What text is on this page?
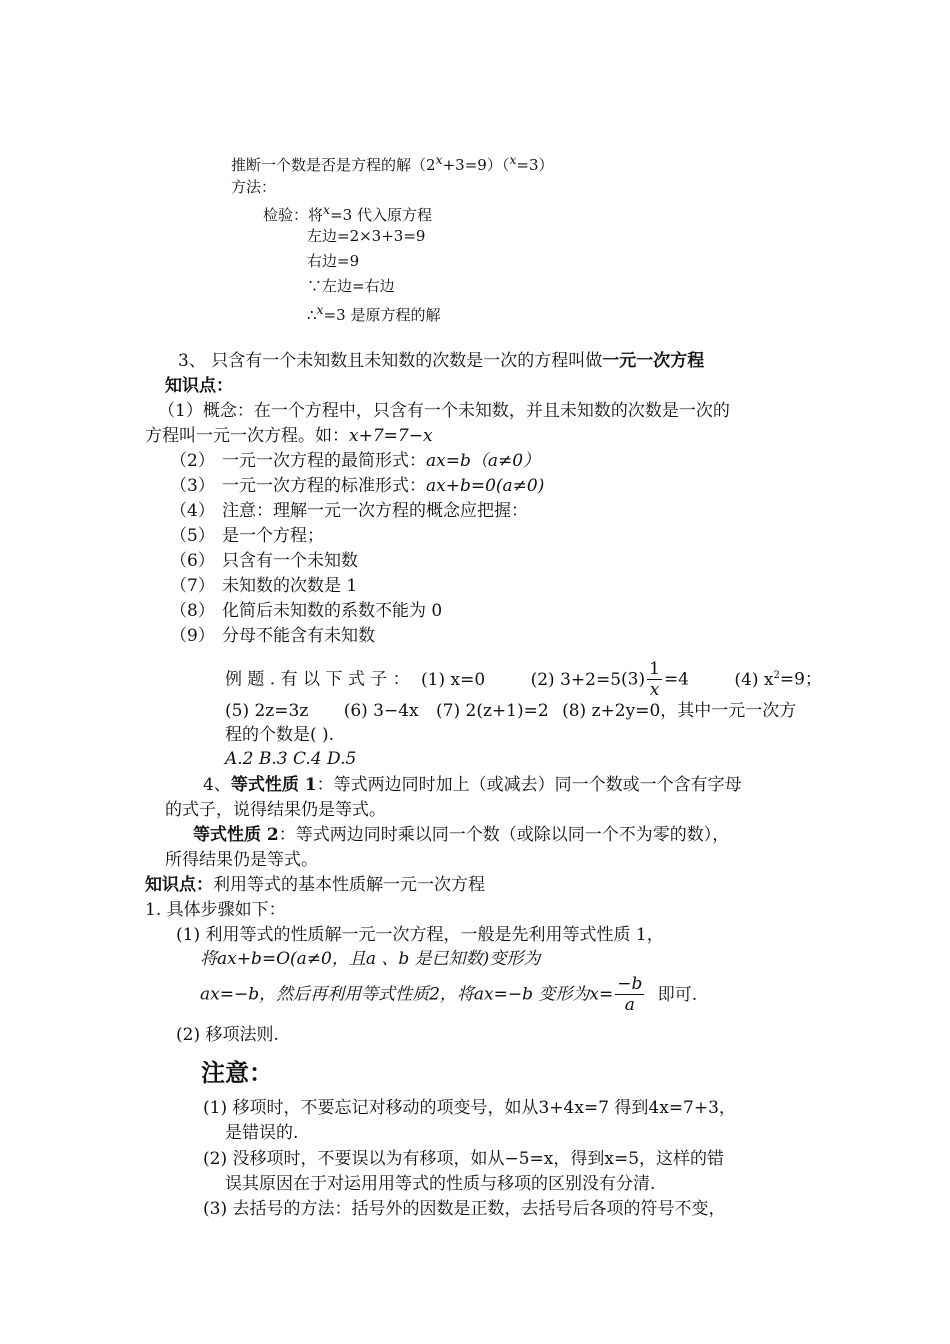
推断一个数是否是方程的解$(2^x+3=9)(^x=3)$
方法：
检验：将$^x$=3 代入原方程
左边=2×3+3=9
右边=9
∵左边=右边
∴$^x$=3 是原方程的解
3、 只含有一个未知数且未知数的次数是一次的方程叫做一元一次方程
知识点：
（1）概念：在一个方程中，只含有一个未知数，并且未知数的次数是一次的
方程叫一元一次方程。如：x+7=7−x
（2） 一元一次方程的最简形式：ax=b（a≠0）
（3） 一元一次方程的标准形式：ax+b=0(a≠0)
（4） 注意：理解一元一次方程的概念应把握：
（5） 是一个方程；
（6） 只含有一个未知数
（7） 未知数的次数是 1
（8） 化简后未知数的系数不能为 0
（9） 分母不能含有未知数
例 题 . 有 以 下 式 子 ： (1) x=0	(2) $3+2=5(3) \frac{1}{x} =4$	(4) $x^2=9$；
(5) 2z=3z (6) 3−4x (7) 2(z+1)=2 (8) z+2y=0，其中一元一次方
程的个数是( ).
A.2 B.3 C.4 D.5
4、等式性质 1：等式两边同时加上（或减去）同一个数或一个含有字母
的式子，说得结果仍是等式。
等式性质 2：等式两边同时乘以同一个数（或除以同一个不为零的数），
所得结果仍是等式。
知识点：利用等式的基本性质解一元一次方程
1. 具体步骤如下：
(1) 利用等式的性质解一元一次方程，一般是先利用等式性质 1，
将ax+b=O(a≠0，且a 、b 是已知数)变形为
ax=−b，然后再利用等式性质2，将ax=−b 变形为$x= \frac{-b}{a}$ 即可.
(2) 移项法则.
注意：
(1) 移项时，不要忘记对移动的项变号，如从3+4x=7 得到4x=7+3，
是错误的.
(2) 没移项时，不要误以为有移项，如从−5=x，得到x=5，这样的错
误其原因在于对运用用等式的性质与移项的区别没有分清.
(3) 去括号的方法：括号外的因数是正数，去括号后各项的符号不变，
